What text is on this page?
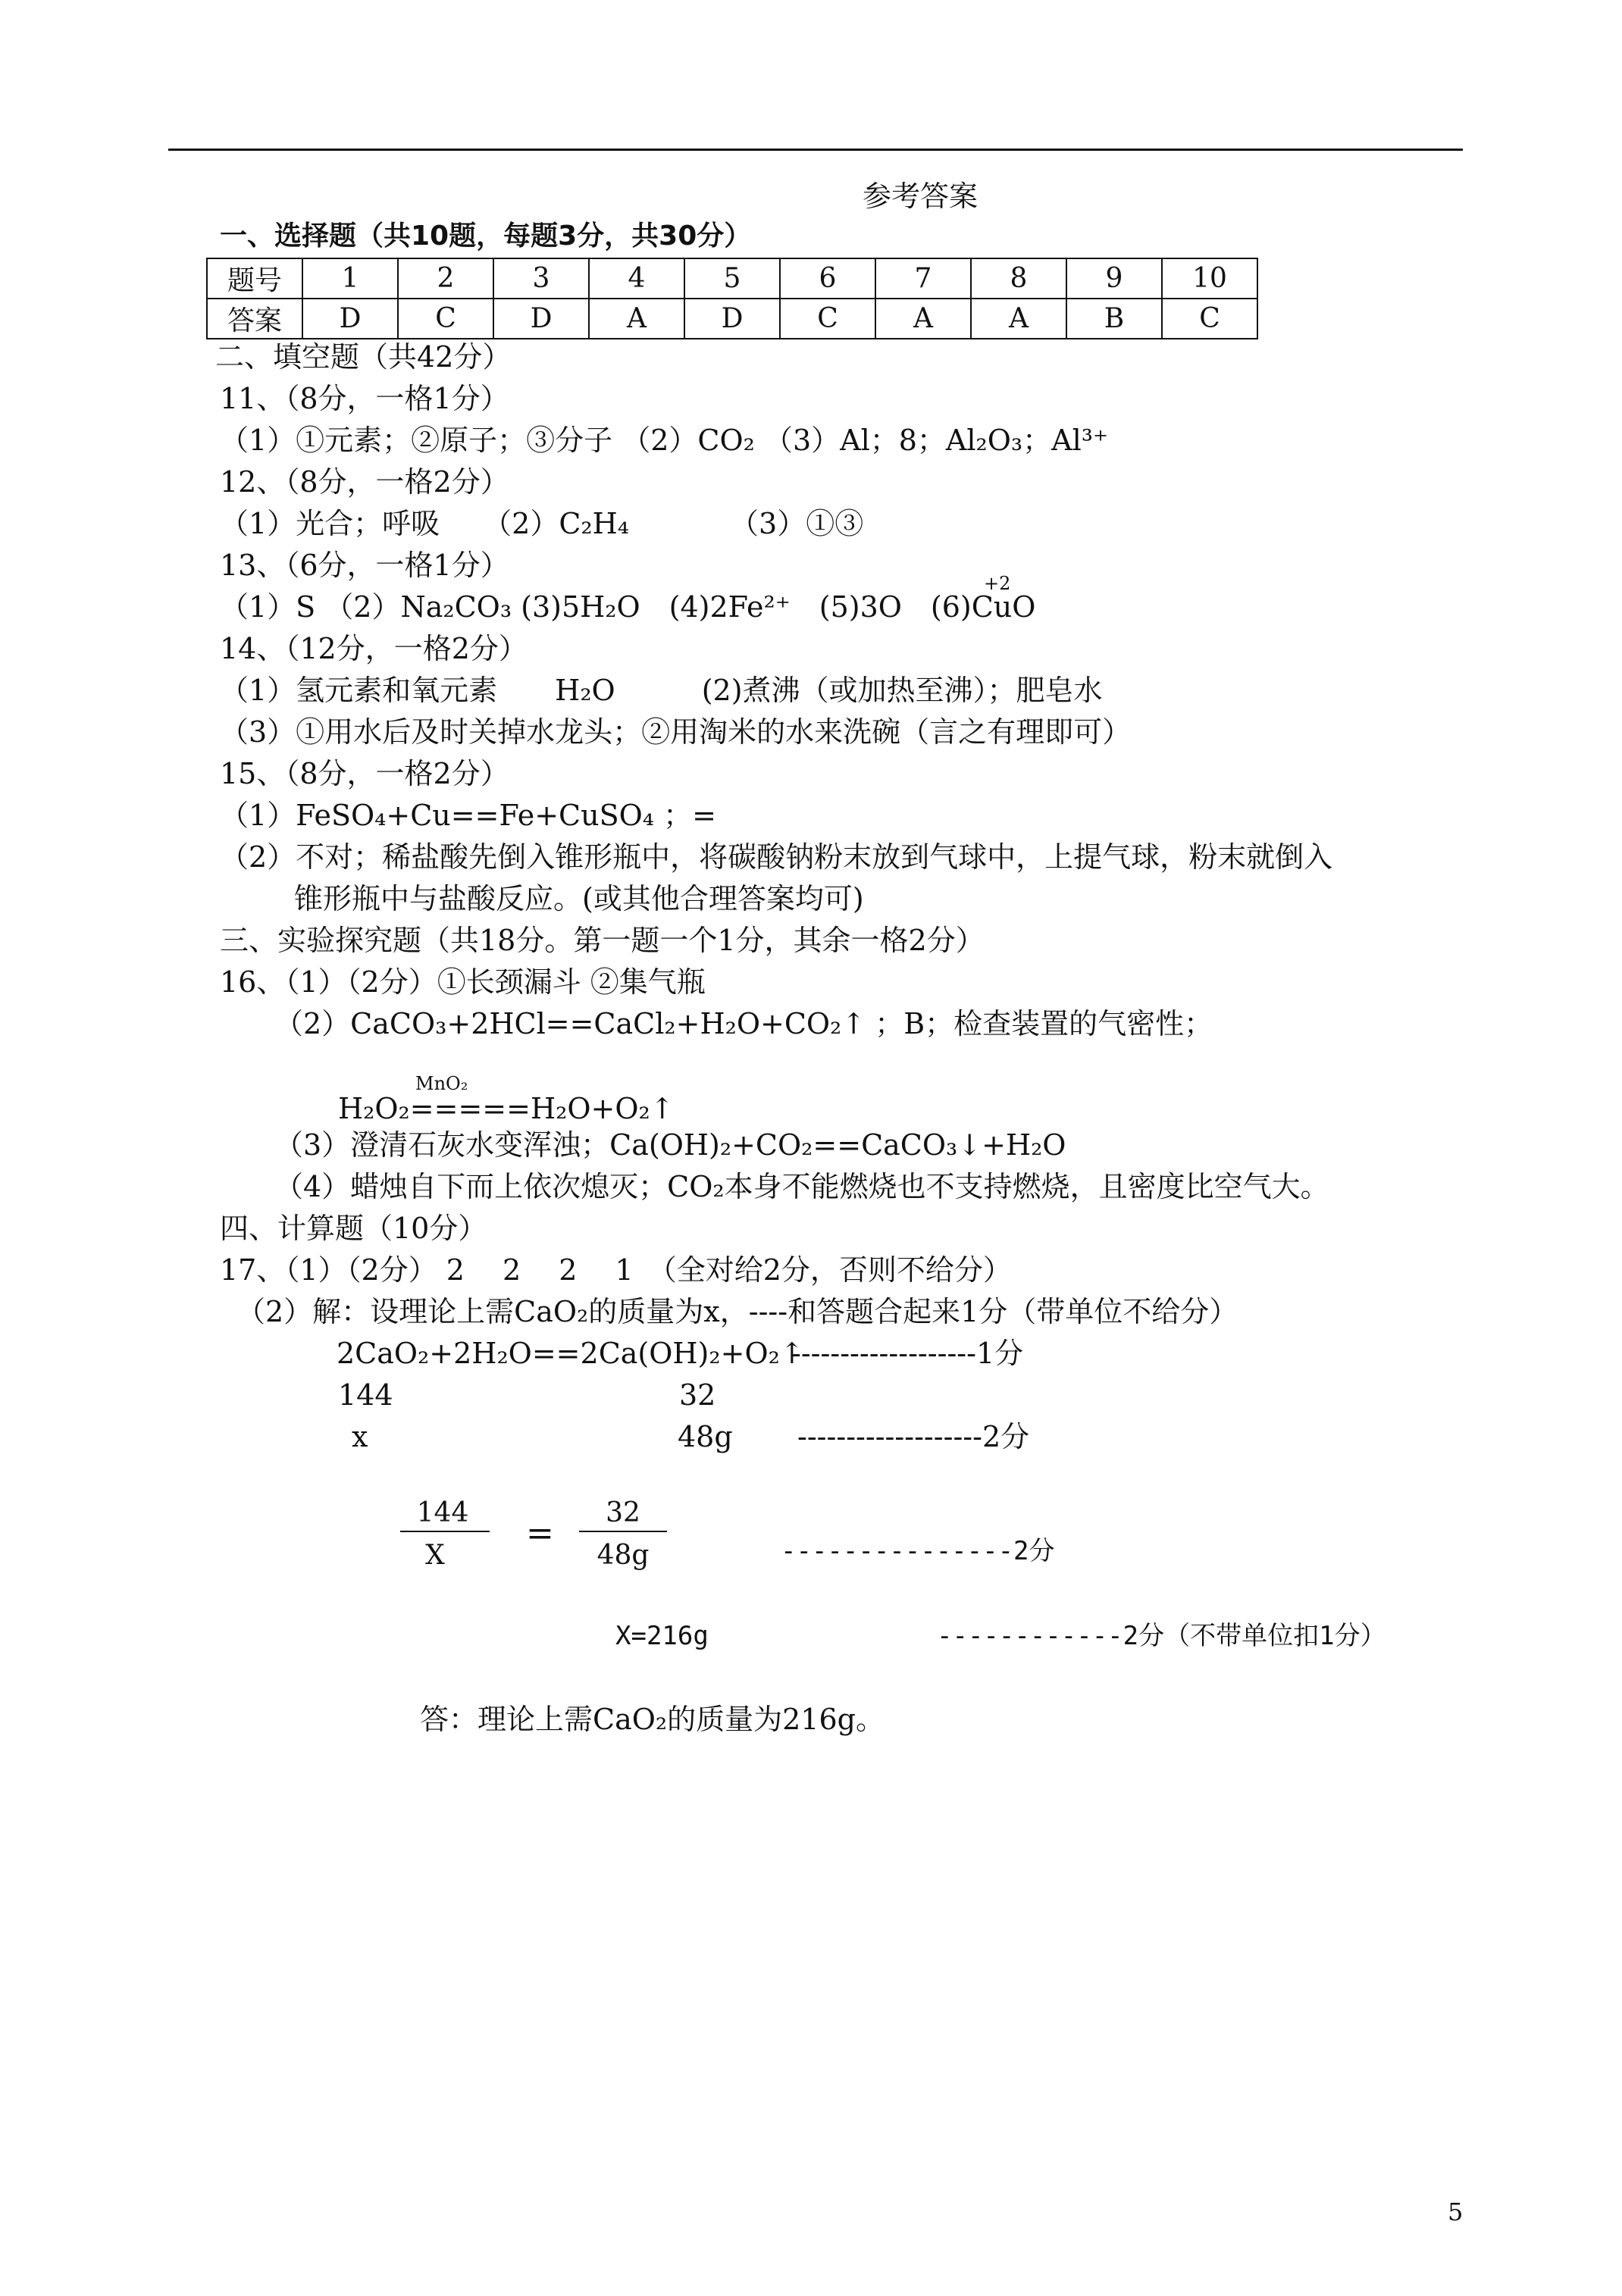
参考答案
一、选择题（共10题，每题3分，共30分）
题号	1	2	3	4	5	6	7	8	9	10
答案	D	C	D	A	D	C	A	A	B	C
二、填空题（共42分）
11、（8分，一格1分）
（1）①元素；②原子；③分子 （2）CO₂ （3）Al；8；Al₂O₃；Al³⁺
12、（8分，一格2分）
（1）光合；呼吸　　（2）C₂H₄　　　　（3）①③
13、（6分，一格1分）
（1）S （2）Na₂CO₃ (3)5H₂O　(4)2Fe²⁺　(5)3O　(6)CuO
+2
14、（12分，一格2分）
（1）氢元素和氧元素　　H₂O　　　(2)煮沸（或加热至沸）；肥皂水
（3）①用水后及时关掉水龙头；②用淘米的水来洗碗（言之有理即可）
15、（8分，一格2分）
（1）FeSO₄+Cu==Fe+CuSO₄ ；=
（2）不对；稀盐酸先倒入锥形瓶中，将碳酸钠粉末放到气球中，上提气球，粉末就倒入
锥形瓶中与盐酸反应。(或其他合理答案均可)
三、实验探究题（共18分。第一题一个1分，其余一格2分）
16、（1）（2分）①长颈漏斗 ②集气瓶
（2）CaCO₃+2HCl==CaCl₂+H₂O+CO₂↑ ；B；检查装置的气密性；
MnO₂
H₂O₂=====H₂O+O₂↑
（3）澄清石灰水变浑浊；Ca(OH)₂+CO₂==CaCO₃↓+H₂O
（4）蜡烛自下而上依次熄灭；CO₂本身不能燃烧也不支持燃烧，且密度比空气大。
四、计算题（10分）
17、（1）（2分） 2　 2　 2　 1　（全对给2分，否则不给分）
（2）解：设理论上需CaO₂的质量为x，----和答题合起来1分（带单位不给分）
2CaO₂+2H₂O==2Ca(OH)₂+O₂↑
-------------------1分
144	32
x	48g -------------------2分
144
X
=
32
48g	---------------2分
X=216g	------------2分（不带单位扣1分）
答：理论上需CaO₂的质量为216g。
5
